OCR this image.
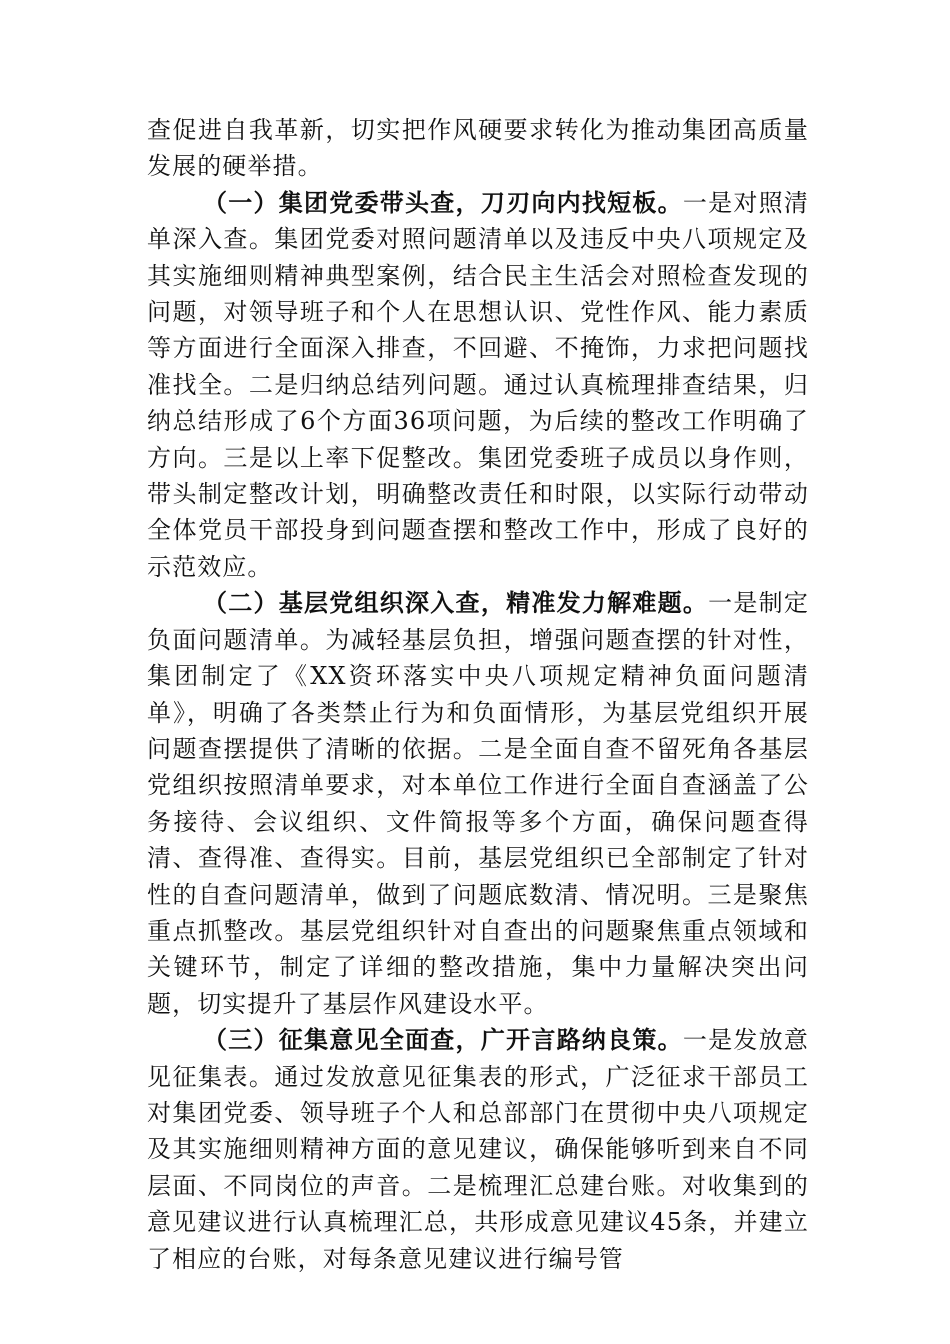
查促进自我革新，切实把作风硬要求转化为推动集团高质量发展的硬举措。

（一）集团党委带头查，刀刃向内找短板。一是对照清单深入查。集团党委对照问题清单以及违反中央八项规定及其实施细则精神典型案例，结合民主生活会对照检查发现的问题，对领导班子和个人在思想认识、党性作风、能力素质等方面进行全面深入排查，不回避、不掩饰，力求把问题找准找全。二是归纳总结列问题。通过认真梳理排查结果，归纳总结形成了6个方面36项问题，为后续的整改工作明确了方向。三是以上率下促整改。集团党委班子成员以身作则，带头制定整改计划，明确整改责任和时限，以实际行动带动全体党员干部投身到问题查摆和整改工作中，形成了良好的示范效应。

（二）基层党组织深入查，精准发力解难题。一是制定负面问题清单。为减轻基层负担，增强问题查摆的针对性，集团制定了《XX资环落实中央八项规定精神负面问题清单》，明确了各类禁止行为和负面情形，为基层党组织开展问题查摆提供了清晰的依据。二是全面自查不留死角各基层党组织按照清单要求，对本单位工作进行全面自查涵盖了公务接待、会议组织、文件简报等多个方面，确保问题查得清、查得准、查得实。目前，基层党组织已全部制定了针对性的自查问题清单，做到了问题底数清、情况明。三是聚焦重点抓整改。基层党组织针对自查出的问题聚焦重点领域和关键环节，制定了详细的整改措施，集中力量解决突出问题，切实提升了基层作风建设水平。

（三）征集意见全面查，广开言路纳良策。一是发放意见征集表。通过发放意见征集表的形式，广泛征求干部员工对集团党委、领导班子个人和总部部门在贯彻中央八项规定及其实施细则精神方面的意见建议，确保能够听到来自不同层面、不同岗位的声音。二是梳理汇总建台账。对收集到的意见建议进行认真梳理汇总，共形成意见建议45条，并建立了相应的台账，对每条意见建议进行编号管
